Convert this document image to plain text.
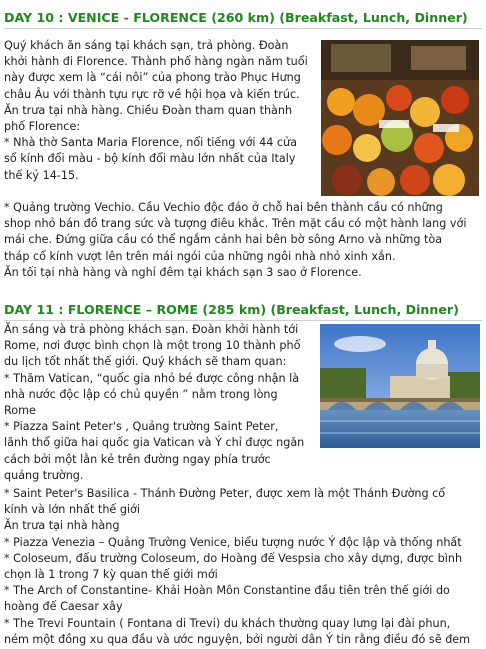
DAY 10 : VENICE - FLORENCE (260 km) (Breakfast, Lunch, Dinner)

Quý khách ăn sáng tại khách sạn, trả phòng. Đoàn

khởi hành đi Florence. Thành phố hàng ngàn năm tuổi

này được xem là “cái nôi” của phong trào Phục Hưng

châu Âu với thành tựu rực rỡ về hội họa và kiến trúc.

Ăn trưa tại nhà hàng. Chiều Đoàn tham quan thành

phố Florence:

* Nhà thờ Santa Maria Florence, nổi tiếng với 44 cửa

sổ kính đổi màu - bộ kính đổi màu lớn nhất của Italy

thế kỷ 14-15.

* Quảng trường Vechio. Cầu Vechio độc đáo ở chỗ hai bên thành cầu có những

shop nhỏ bán đồ trang sức và tượng điêu khắc. Trên mặt cầu có một hành lang với

mái che. Đứng giữa cầu có thể ngắm cảnh hai bên bờ sông Arno và những tòa

tháp cổ kính vượt lên trên mái ngói của những ngôi nhà nhỏ xinh xắn.

Ăn tối tại nhà hàng và nghỉ đêm tại khách sạn 3 sao ở Florence.

DAY 11 : FLORENCE – ROME (285 km) (Breakfast, Lunch, Dinner)

Ăn sáng và trả phòng khách sạn. Đoàn khởi hành tới

Rome, nơi được bình chọn là một trong 10 thành phố

du lịch tốt nhất thế giới. Quý khách sẽ tham quan:

* Thăm Vatican, “quốc gia nhỏ bé được công nhận là

nhà nước độc lập có chủ quyền ” nằm trong lòng

Rome

* Piazza Saint Peter's , Quảng trường Saint Peter,

lãnh thổ giữa hai quốc gia Vatican và Ý chỉ được ngăn

cách bởi một lằn kẻ trên đường ngay phía trước

quảng trường.

* Saint Peter's Basilica - Thánh Đường Peter, được xem là một Thánh Đường cổ

kính và lớn nhất thế giới

Ăn trưa tại nhà hàng

* Piazza Venezia – Quảng Trường Venice, biểu tượng nước Ý độc lập và thống nhất

* Coloseum, đấu trường Coloseum, do Hoàng đế Vespsia cho xây dựng, được bình

chọn là 1 trong 7 kỳ quan thế giới mới

* The Arch of Constantine- Khải Hoàn Môn Constantine đầu tiên trên thế giới do

hoàng đế Caesar xây

* The Trevi Fountain ( Fontana di Trevi) du khách thường quay lưng lại đài phun,

ném một đồng xu qua đầu và ước nguyện, bởi người dân Ý tin rằng điều đó sẽ đem
